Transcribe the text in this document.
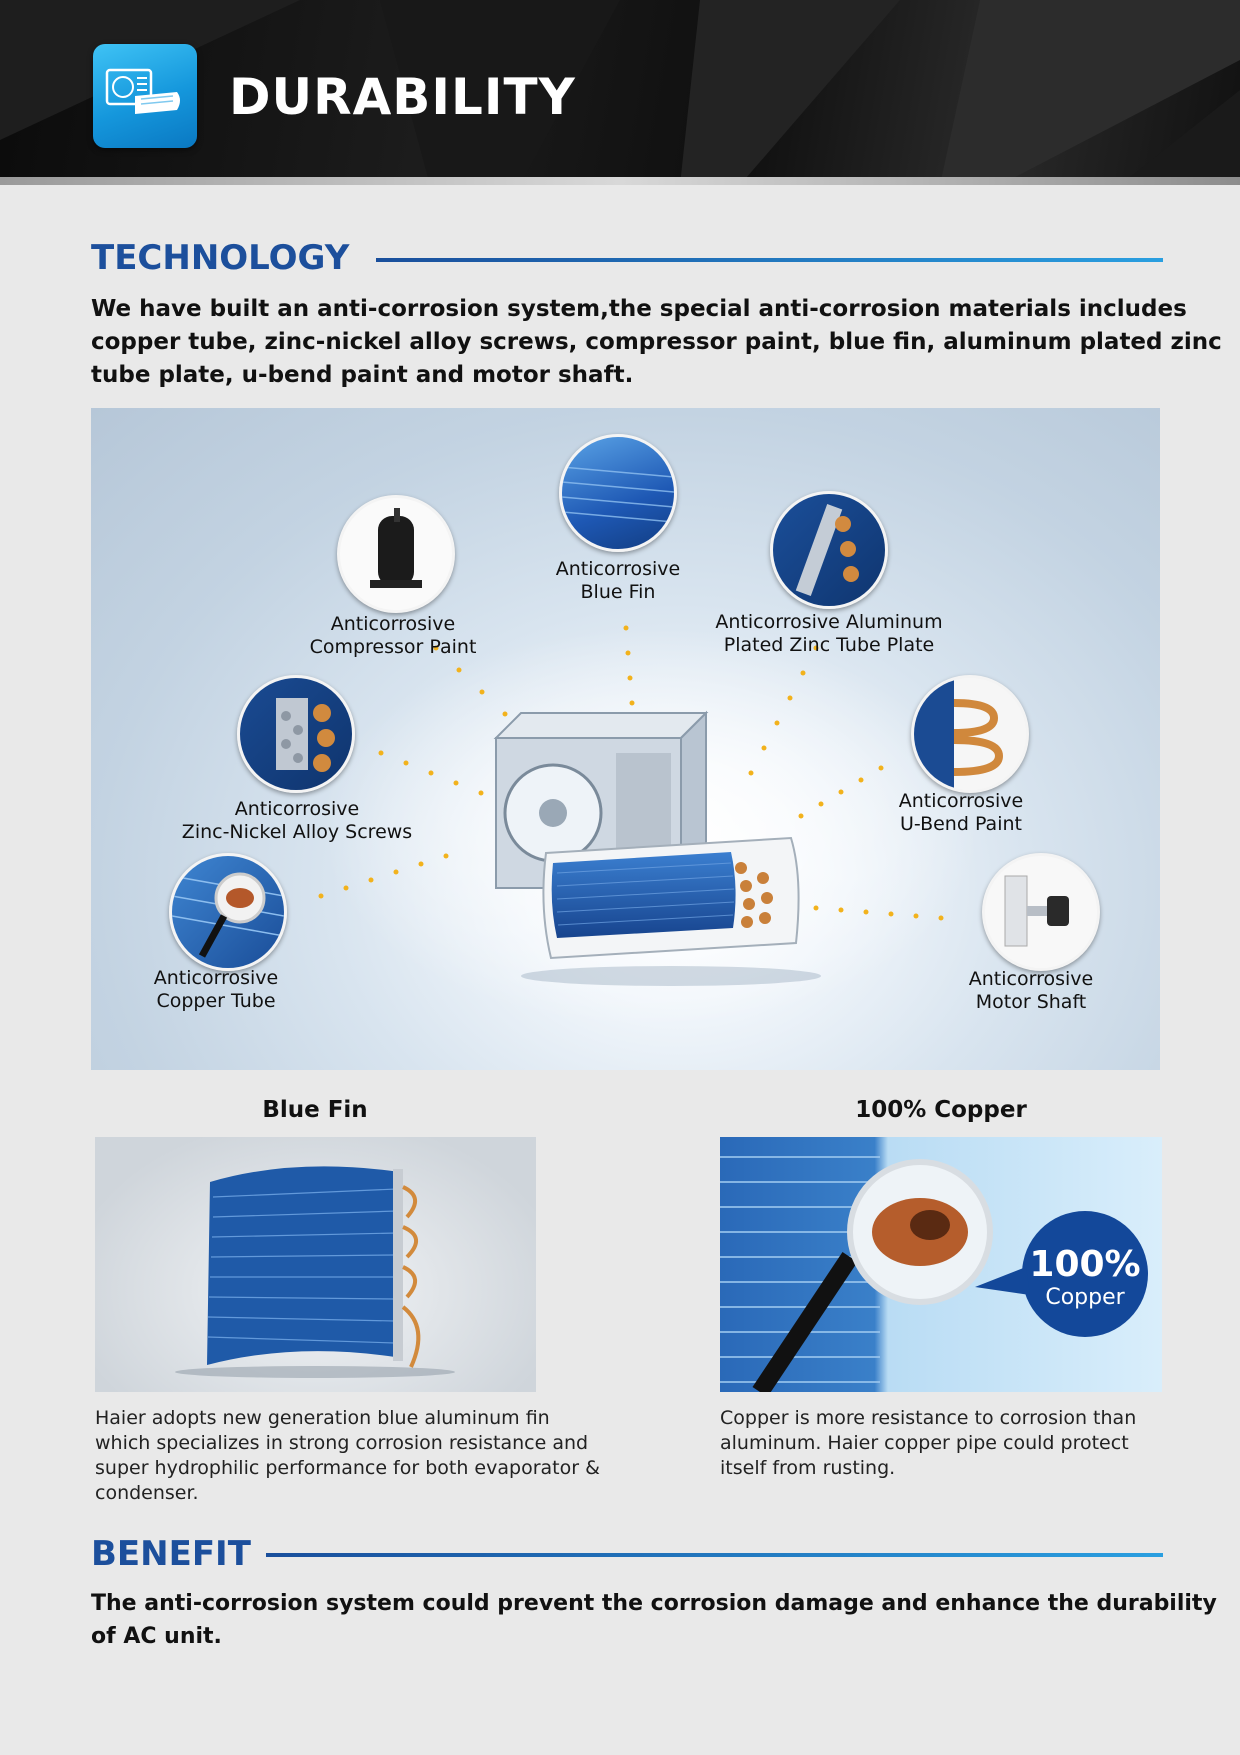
DURABILITY
TECHNOLOGY
We have built an anti-corrosion system,the special anti-corrosion materials includes
copper tube, zinc-nickel alloy screws, compressor paint, blue fin, aluminum plated zinc
tube plate, u-bend paint and motor shaft.
Anticorrosive
Blue Fin
Anticorrosive
Compressor Paint
Anticorrosive Aluminum
Plated Zinc Tube Plate
Anticorrosive
Zinc-Nickel Alloy Screws
Anticorrosive
U-Bend Paint
Anticorrosive
Copper Tube
Anticorrosive
Motor Shaft
Blue Fin
Haier adopts new generation blue aluminum fin
which specializes in strong corrosion resistance and
super hydrophilic performance for both evaporator &
condenser.
100% Copper
100%
Copper
Copper is more resistance to corrosion than
aluminum. Haier copper pipe could protect
itself from rusting.
BENEFIT
The anti-corrosion system could prevent the corrosion damage and enhance the durability
of AC unit.
